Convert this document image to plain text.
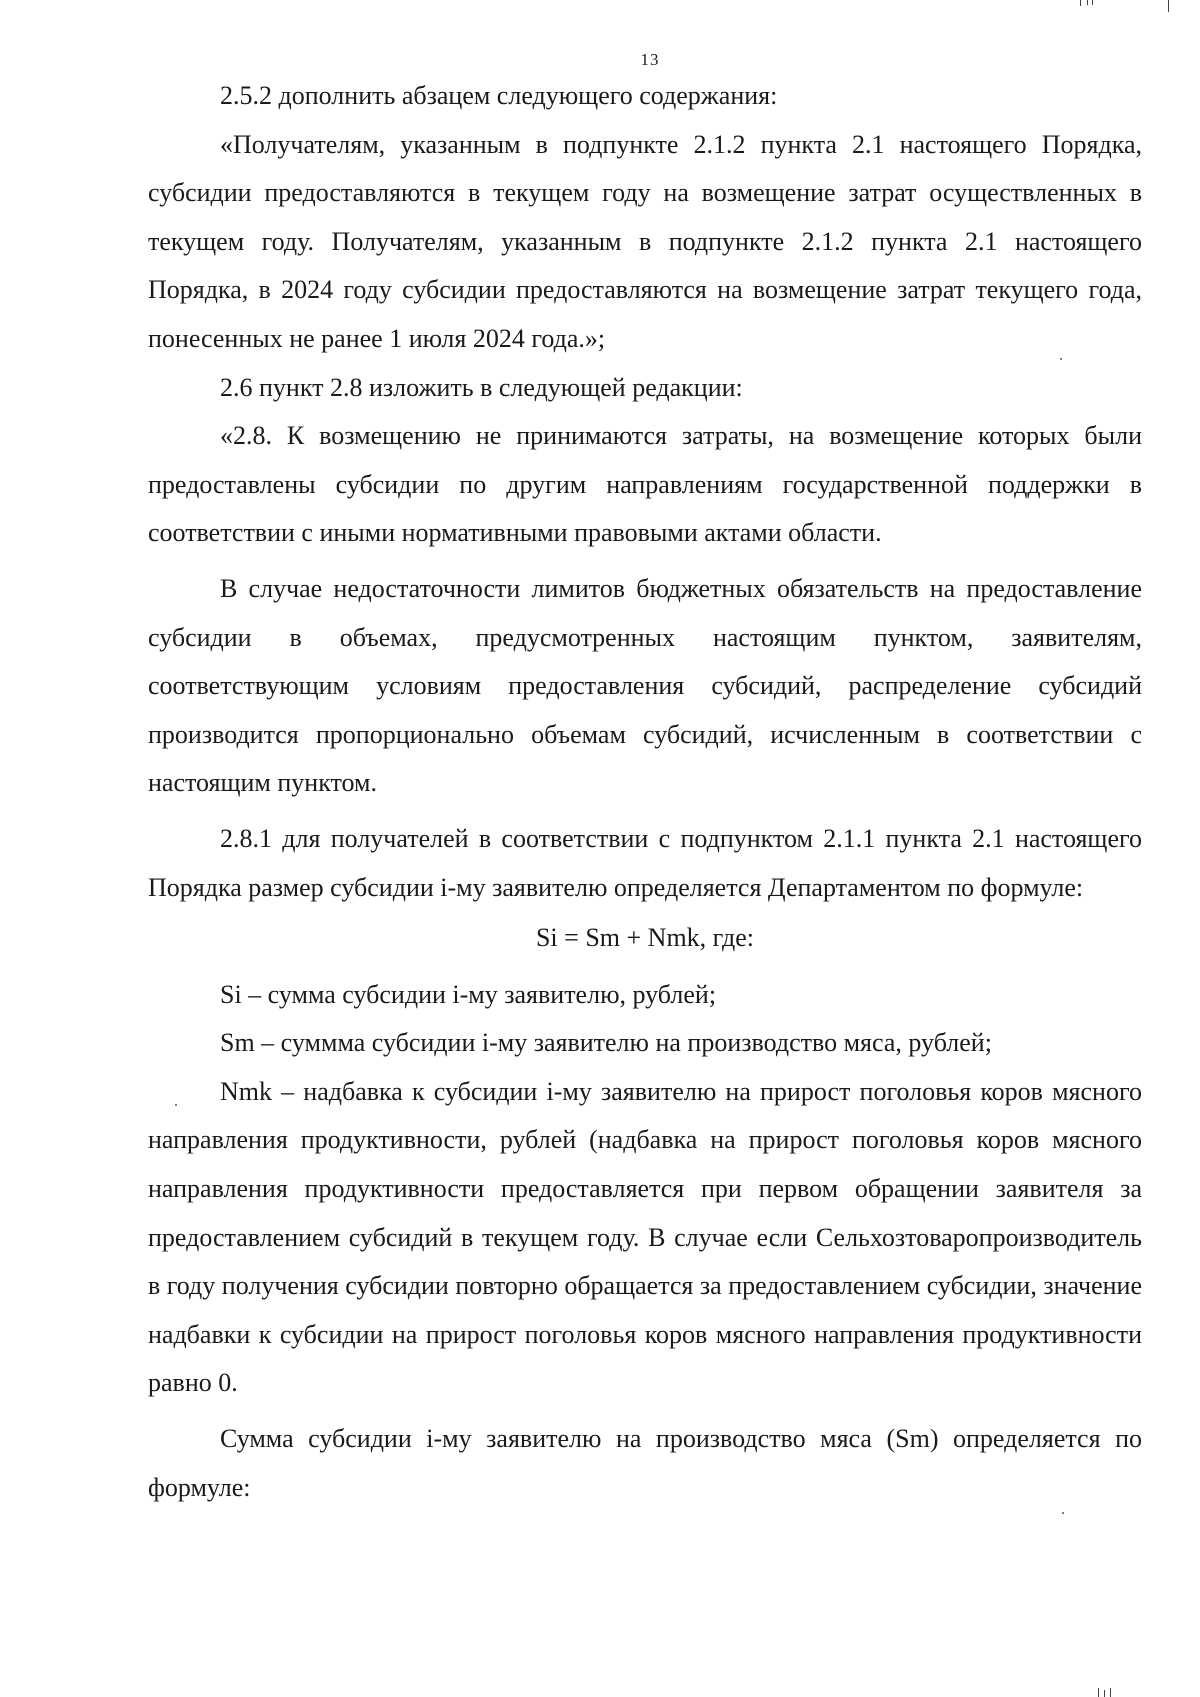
13

2.5.2 дополнить абзацем следующего содержания:

«Получателям, указанным в подпункте 2.1.2 пункта 2.1 настоящего Порядка, субсидии предоставляются в текущем году на возмещение затрат осуществленных в текущем году. Получателям, указанным в подпункте 2.1.2 пункта 2.1 настоящего Порядка, в 2024 году субсидии предоставляются на возмещение затрат текущего года, понесенных не ранее 1 июля 2024 года.»;

2.6 пункт 2.8 изложить в следующей редакции:

«2.8. К возмещению не принимаются затраты, на возмещение которых были предоставлены субсидии по другим направлениям государственной поддержки в соответствии с иными нормативными правовыми актами области.

В случае недостаточности лимитов бюджетных обязательств на предоставление субсидии в объемах, предусмотренных настоящим пунктом, заявителям, соответствующим условиям предоставления субсидий, распределение субсидий производится пропорционально объемам субсидий, исчисленным в соответствии с настоящим пунктом.

2.8.1 для получателей в соответствии с подпунктом 2.1.1 пункта 2.1 настоящего Порядка размер субсидии і-му заявителю определяется Департаментом по формуле:

Si = Sm + Nmk, где:

Si – сумма субсидии і-му заявителю, рублей;

Sm – суммма субсидии і-му заявителю на производство мяса, рублей;

Nmk – надбавка к субсидии і-му заявителю на прирост поголовья коров мясного направления продуктивности, рублей (надбавка на прирост поголовья коров мясного направления продуктивности предоставляется при первом обращении заявителя за предоставлением субсидий в текущем году. В случае если Сельхозтоваропроизводитель в году получения субсидии повторно обращается за предоставлением субсидии, значение надбавки к субсидии на прирост поголовья коров мясного направления продуктивности равно 0.

Сумма субсидии і-му заявителю на производство мяса (Sm) определяется по формуле:
